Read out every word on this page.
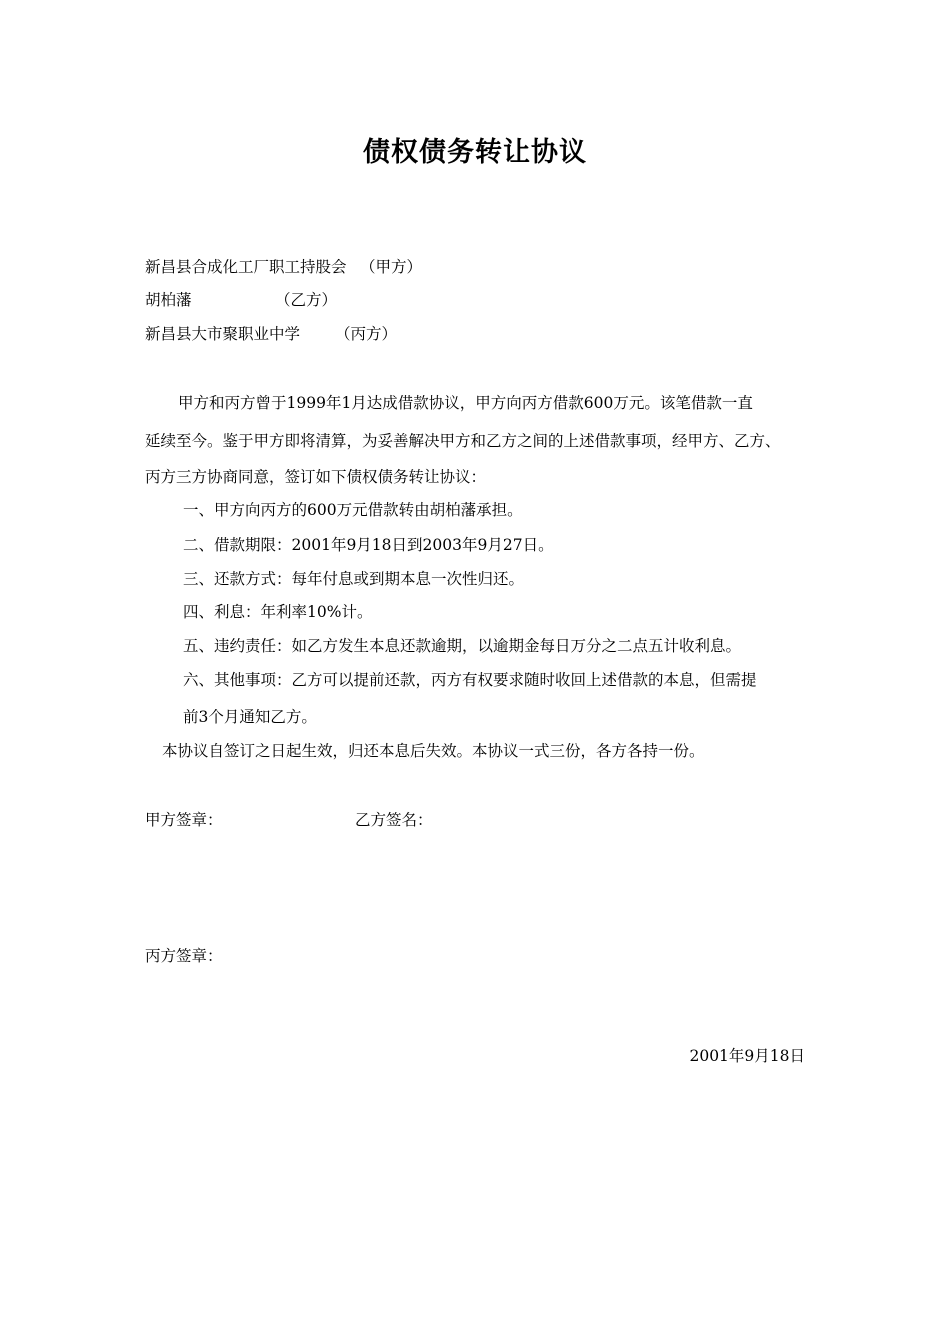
债权债务转让协议
新昌县合成化工厂职工持股会 （甲方）
胡柏藩	（乙方）
新昌县大市聚职业中学 （丙方）
甲方和丙方曾于1999年1月达成借款协议，甲方向丙方借款600万元。该笔借款一直
延续至今。鉴于甲方即将清算，为妥善解决甲方和乙方之间的上述借款事项，经甲方、乙方、
丙方三方协商同意，签订如下债权债务转让协议：
一、甲方向丙方的600万元借款转由胡柏藩承担。
二、借款期限：2001年9月18日到2003年9月27日。
三、还款方式：每年付息或到期本息一次性归还。
四、利息：年利率10%计。
五、违约责任：如乙方发生本息还款逾期，以逾期金每日万分之二点五计收利息。
六、其他事项：乙方可以提前还款，丙方有权要求随时收回上述借款的本息，但需提
前3个月通知乙方。
本协议自签订之日起生效，归还本息后失效。本协议一式三份，各方各持一份。
甲方签章：	乙方签名：
丙方签章：
2001年9月18日
